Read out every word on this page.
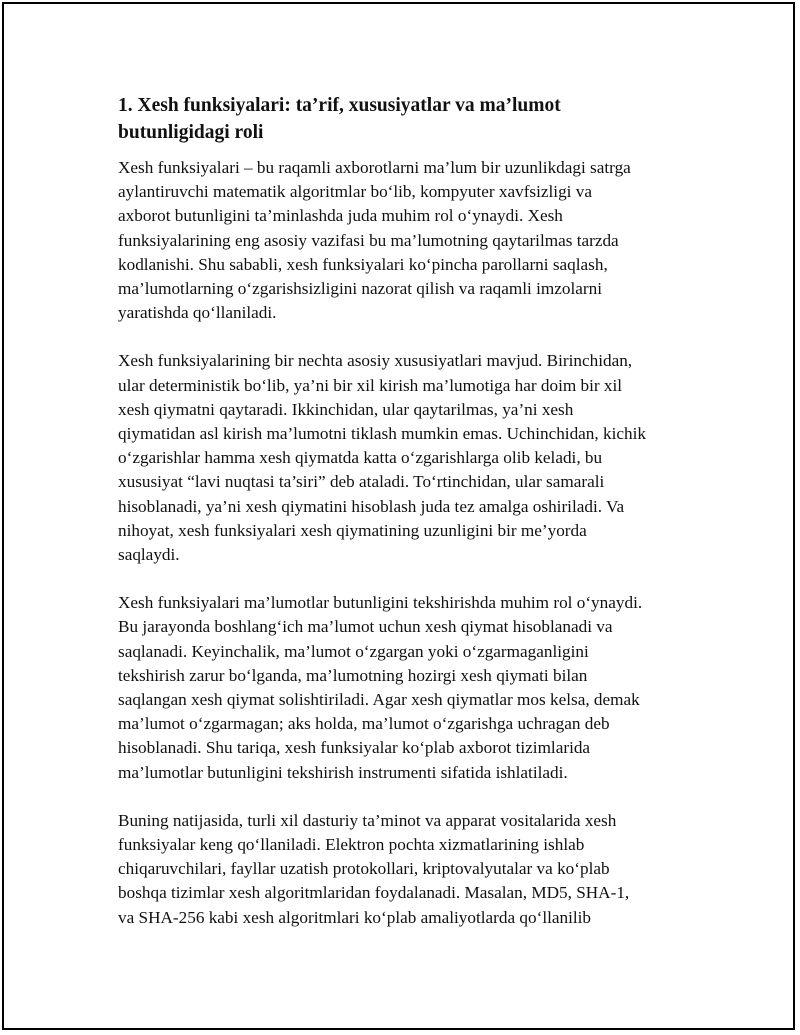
1. Xesh funksiyalari: ta’rif, xususiyatlar va ma’lumot
butunligidagi roli
Xesh funksiyalari – bu raqamli axborotlarni ma’lum bir uzunlikdagi satrga
aylantiruvchi matematik algoritmlar bo‘lib, kompyuter xavfsizligi va
axborot butunligini ta’minlashda juda muhim rol o‘ynaydi. Xesh
funksiyalarining eng asosiy vazifasi bu ma’lumotning qaytarilmas tarzda
kodlanishi. Shu sababli, xesh funksiyalari ko‘pincha parollarni saqlash,
ma’lumotlarning o‘zgarishsizligini nazorat qilish va raqamli imzolarni
yaratishda qo‘llaniladi.
Xesh funksiyalarining bir nechta asosiy xususiyatlari mavjud. Birinchidan,
ular deterministik bo‘lib, ya’ni bir xil kirish ma’lumotiga har doim bir xil
xesh qiymatni qaytaradi. Ikkinchidan, ular qaytarilmas, ya’ni xesh
qiymatidan asl kirish ma’lumotni tiklash mumkin emas. Uchinchidan, kichik
o‘zgarishlar hamma xesh qiymatda katta o‘zgarishlarga olib keladi, bu
xususiyat “lavi nuqtasi ta’siri” deb ataladi. To‘rtinchidan, ular samarali
hisoblanadi, ya’ni xesh qiymatini hisoblash juda tez amalga oshiriladi. Va
nihoyat, xesh funksiyalari xesh qiymatining uzunligini bir me’yorda
saqlaydi.
Xesh funksiyalari ma’lumotlar butunligini tekshirishda muhim rol o‘ynaydi.
Bu jarayonda boshlang‘ich ma’lumot uchun xesh qiymat hisoblanadi va
saqlanadi. Keyinchalik, ma’lumot o‘zgargan yoki o‘zgarmaganligini
tekshirish zarur bo‘lganda, ma’lumotning hozirgi xesh qiymati bilan
saqlangan xesh qiymat solishtiriladi. Agar xesh qiymatlar mos kelsa, demak
ma’lumot o‘zgarmagan; aks holda, ma’lumot o‘zgarishga uchragan deb
hisoblanadi. Shu tariqa, xesh funksiyalar ko‘plab axborot tizimlarida
ma’lumotlar butunligini tekshirish instrumenti sifatida ishlatiladi.
Buning natijasida, turli xil dasturiy ta’minot va apparat vositalarida xesh
funksiyalar keng qo‘llaniladi. Elektron pochta xizmatlarining ishlab
chiqaruvchilari, fayllar uzatish protokollari, kriptovalyutalar va ko‘plab
boshqa tizimlar xesh algoritmlaridan foydalanadi. Masalan, MD5, SHA-1,
va SHA-256 kabi xesh algoritmlari ko‘plab amaliyotlarda qo‘llanilib
